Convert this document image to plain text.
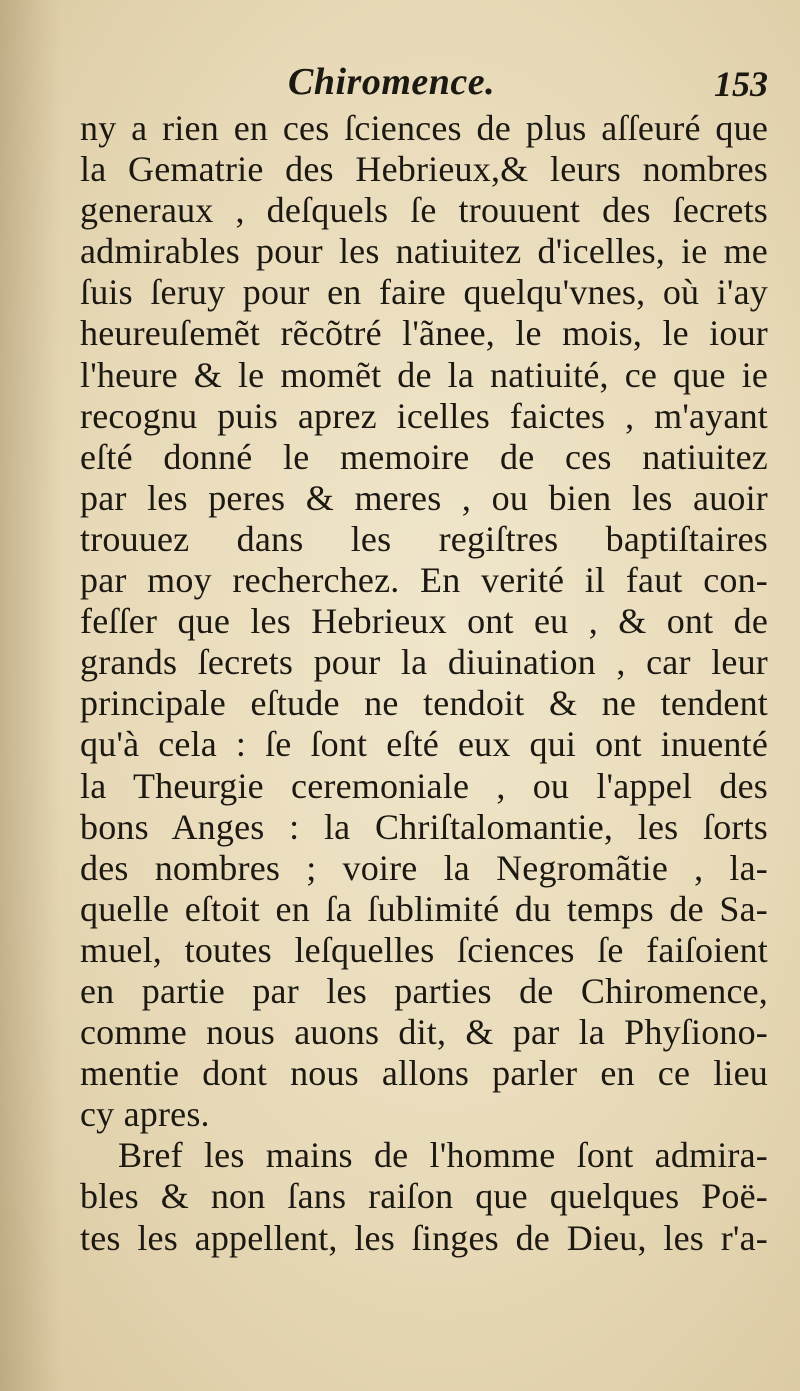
Chiromence.	153
ny a rien en ces ſciences de plus aſſeuré que
la Gematrie des Hebrieux,& leurs nombres
generaux , deſquels ſe trouuent des ſecrets
admirables pour les natiuitez d'icelles, ie me
ſuis ſeruy pour en faire quelqu'vnes, où i'ay
heureuſemẽt rẽcõtré l'ãnee, le mois, le iour
l'heure & le momẽt de la natiuité, ce que ie
recognu puis aprez icelles faictes , m'ayant
eſté donné le memoire de ces natiuitez
par les peres & meres , ou bien les auoir
trouuez dans les regiſtres baptiſtaires
par moy recherchez. En verité il faut con-
feſſer que les Hebrieux ont eu , & ont de
grands ſecrets pour la diuination , car leur
principale eſtude ne tendoit & ne tendent
qu'à cela : ſe ſont eſté eux qui ont inuenté
la Theurgie ceremoniale , ou l'appel des
bons Anges : la Chriſtalomantie, les ſorts
des nombres ; voire la Negromãtie , la-
quelle eſtoit en ſa ſublimité du temps de Sa-
muel, toutes leſquelles ſciences ſe faiſoient
en partie par les parties de Chiromence,
comme nous auons dit, & par la Phyſiono-
mentie dont nous allons parler en ce lieu
cy apres.
Bref les mains de l'homme ſont admira-
bles & non ſans raiſon que quelques Poë-
tes les appellent, les ſinges de Dieu, les r'a-
